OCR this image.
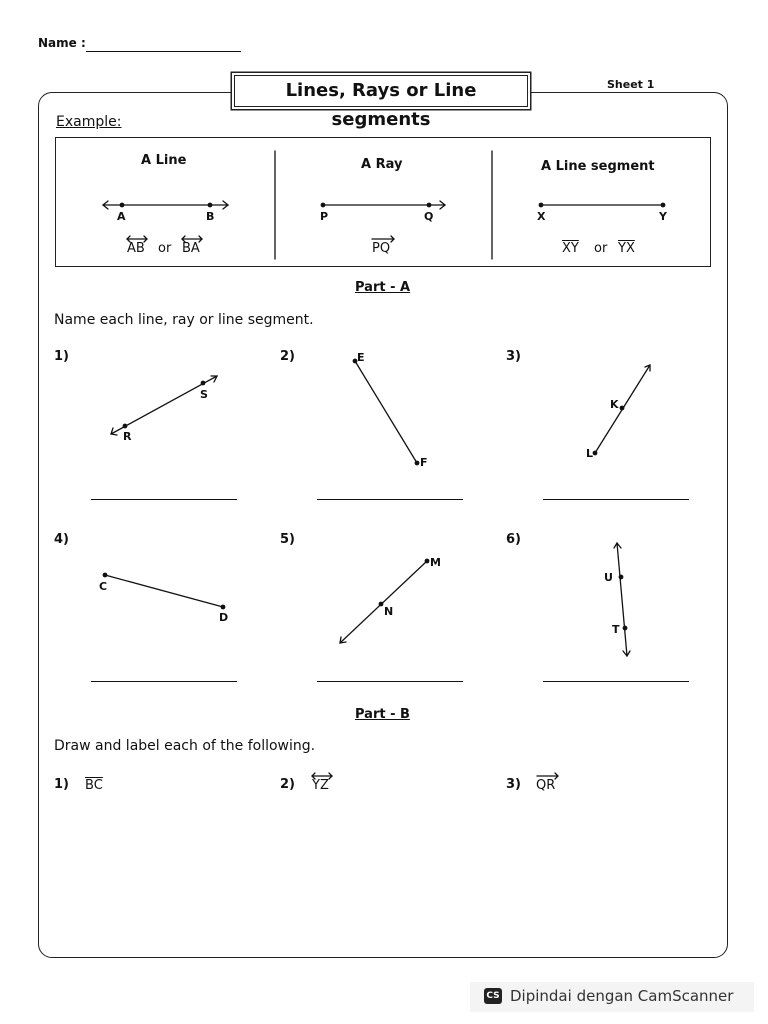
Name :
Sheet 1
Lines, Rays or Line segments
Example:
A Line	A Ray	A Line segment
A	B	P	Q	X	Y
AB or BA	PQ	$\overline{XY}$ or $\overline{YX}$
Part - A
Name each line, ray or line segment.
1)	2)	3)
4)	5)	6)
R
S
E
F
L
K
C
D
M
N
U
T
Part - B
Draw and label each of the following.
1) $\overline{BC}$	2) YZ	3) QR
CS Dipindai dengan CamScanner
